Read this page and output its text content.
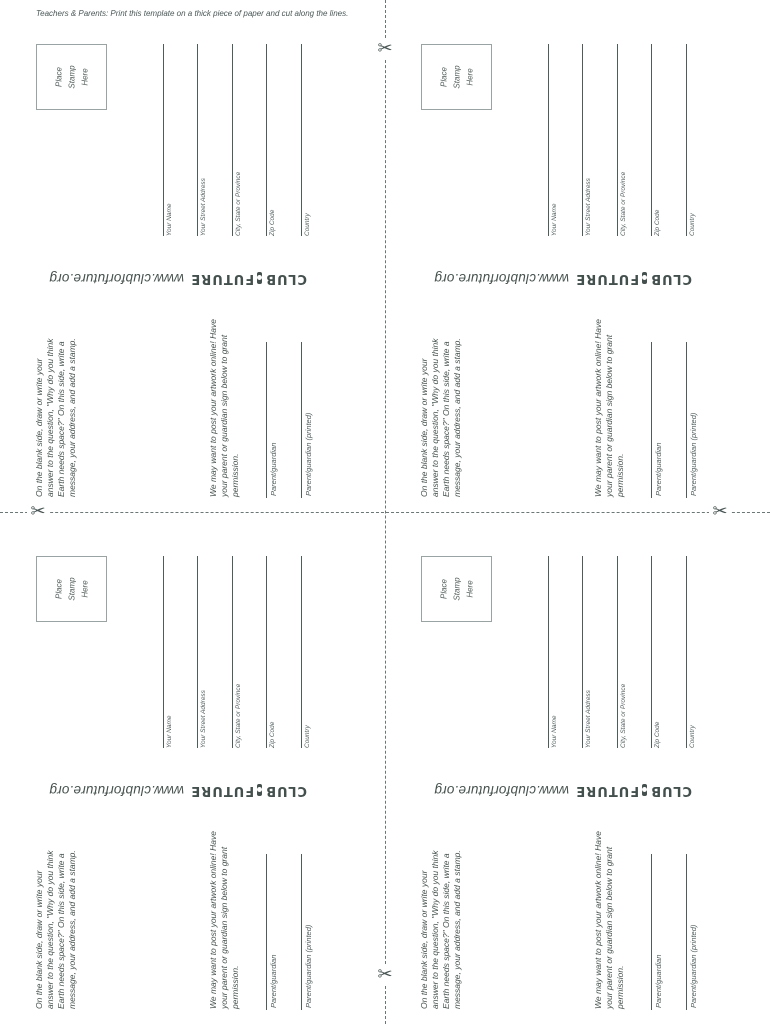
Teachers & Parents: Print this template on a thick piece of paper and cut along the lines.
✂
✂	✂
✂
Place
Stamp
Here
Your Name	Your Street Address	City, State or Province	Zip Code	Country
www.clubforfuture.org	CLUB
FUTURE
On the blank side, draw or write your answer to the question, "Why do you think Earth needs space?" On this side, write a message, your address, and add a stamp.	We may want to post your artwork online! Have your parent or guardian sign below to grant permission.	Parent/guardian	Parent/guardian (printed)
Place
Stamp
Here
Your Name	Your Street Address	City, State or Province	Zip Code	Country
www.clubforfuture.org	CLUB
FUTURE
On the blank side, draw or write your answer to the question, "Why do you think Earth needs space?" On this side, write a message, your address, and add a stamp.	We may want to post your artwork online! Have your parent or guardian sign below to grant permission.	Parent/guardian	Parent/guardian (printed)
Place
Stamp
Here
Your Name	Your Street Address	City, State or Province	Zip Code	Country
www.clubforfuture.org	CLUB
FUTURE
On the blank side, draw or write your answer to the question, "Why do you think Earth needs space?" On this side, write a message, your address, and add a stamp.	We may want to post your artwork online! Have your parent or guardian sign below to grant permission.	Parent/guardian	Parent/guardian (printed)
Place
Stamp
Here
Your Name	Your Street Address	City, State or Province	Zip Code	Country
www.clubforfuture.org	CLUB
FUTURE
On the blank side, draw or write your answer to the question, "Why do you think Earth needs space?" On this side, write a message, your address, and add a stamp.	We may want to post your artwork online! Have your parent or guardian sign below to grant permission.	Parent/guardian	Parent/guardian (printed)
